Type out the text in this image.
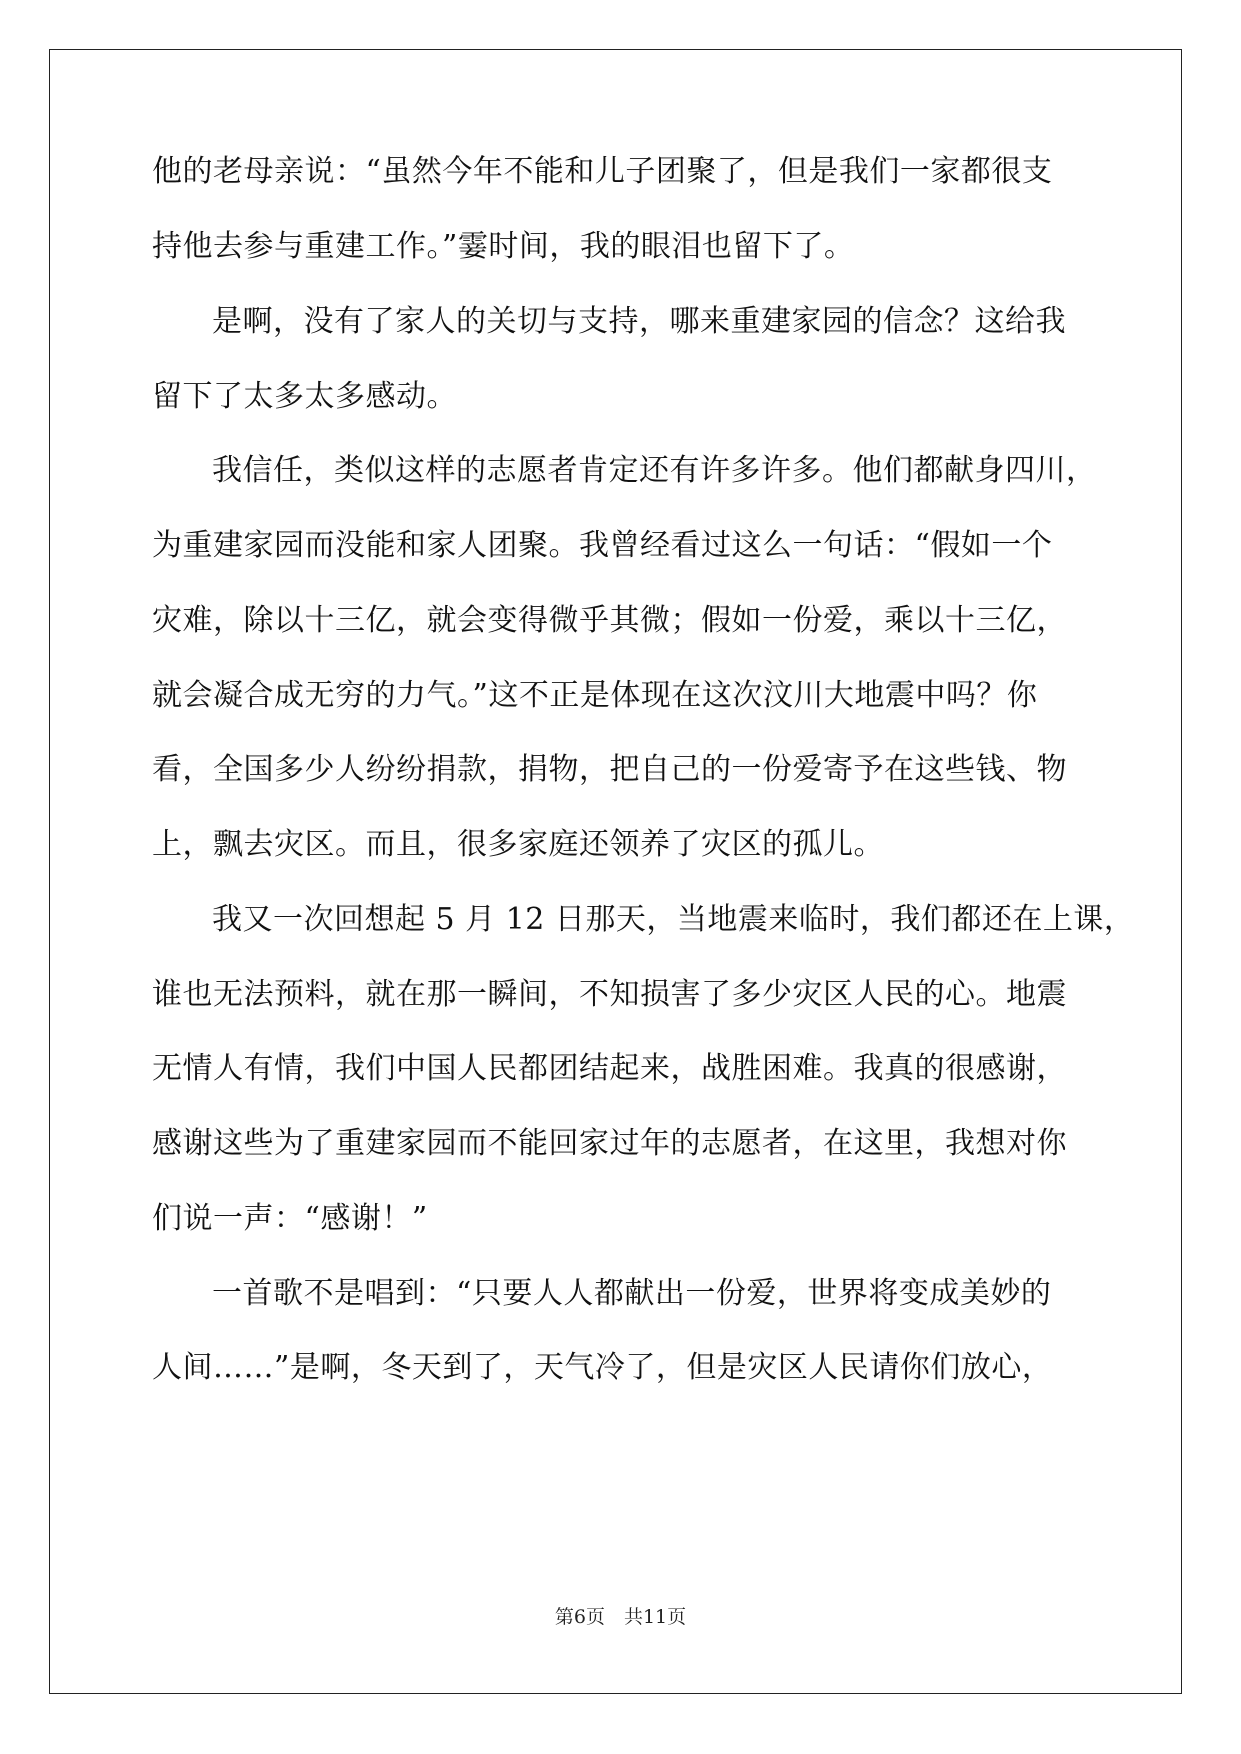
他的老母亲说：“虽然今年不能和儿子团聚了，但是我们一家都很支
持他去参与重建工作。”霎时间，我的眼泪也留下了。
是啊，没有了家人的关切与支持，哪来重建家园的信念？这给我
留下了太多太多感动。
我信任，类似这样的志愿者肯定还有许多许多。他们都献身四川，
为重建家园而没能和家人团聚。我曾经看过这么一句话：“假如一个
灾难，除以十三亿，就会变得微乎其微；假如一份爱，乘以十三亿，
就会凝合成无穷的力气。”这不正是体现在这次汶川大地震中吗？你
看，全国多少人纷纷捐款，捐物，把自己的一份爱寄予在这些钱、物
上，飘去灾区。而且，很多家庭还领养了灾区的孤儿。
我又一次回想起 5 月 12 日那天，当地震来临时，我们都还在上课，
谁也无法预料，就在那一瞬间，不知损害了多少灾区人民的心。地震
无情人有情，我们中国人民都团结起来，战胜困难。我真的很感谢，
感谢这些为了重建家园而不能回家过年的志愿者，在这里，我想对你
们说一声：“感谢！”
一首歌不是唱到：“只要人人都献出一份爱，世界将变成美妙的
人间……”是啊，冬天到了，天气冷了，但是灾区人民请你们放心，
第6页　共11页
